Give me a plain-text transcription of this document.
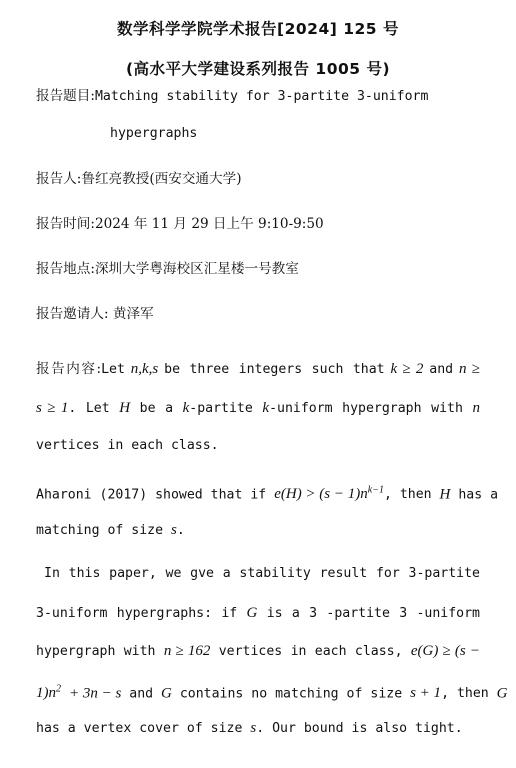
数学科学学院学术报告[2024] 125 号
(高水平大学建设系列报告 1005 号)
报告题目:Matching stability for 3-partite 3-uniform
hypergraphs
报告人:鲁红亮教授(西安交通大学)
报告时间:2024 年 11 月 29 日上午 9:10-9:50
报告地点:深圳大学粤海校区汇星楼一号教室
报告邀请人: 黄泽军
报告内容:Let n,k,s be three integers such that k ≥ 2 and n ≥
s ≥ 1. Let H be a k-partite k-uniform hypergraph with n
vertices in each class.
Aharoni (2017) showed that if $e(H) > (s - 1)n^{k-1}$, then H has a
matching of size s.
In this paper, we gve a stability result for 3-partite
3-uniform hypergraphs: if G is a 3 -partite 3 -uniform
hypergraph with n ≥ 162 vertices in each class, e(G) ≥ (s −
$1)n^2 + 3n - s$ and G contains no matching of size s + 1, then G
has a vertex cover of size s. Our bound is also tight.
